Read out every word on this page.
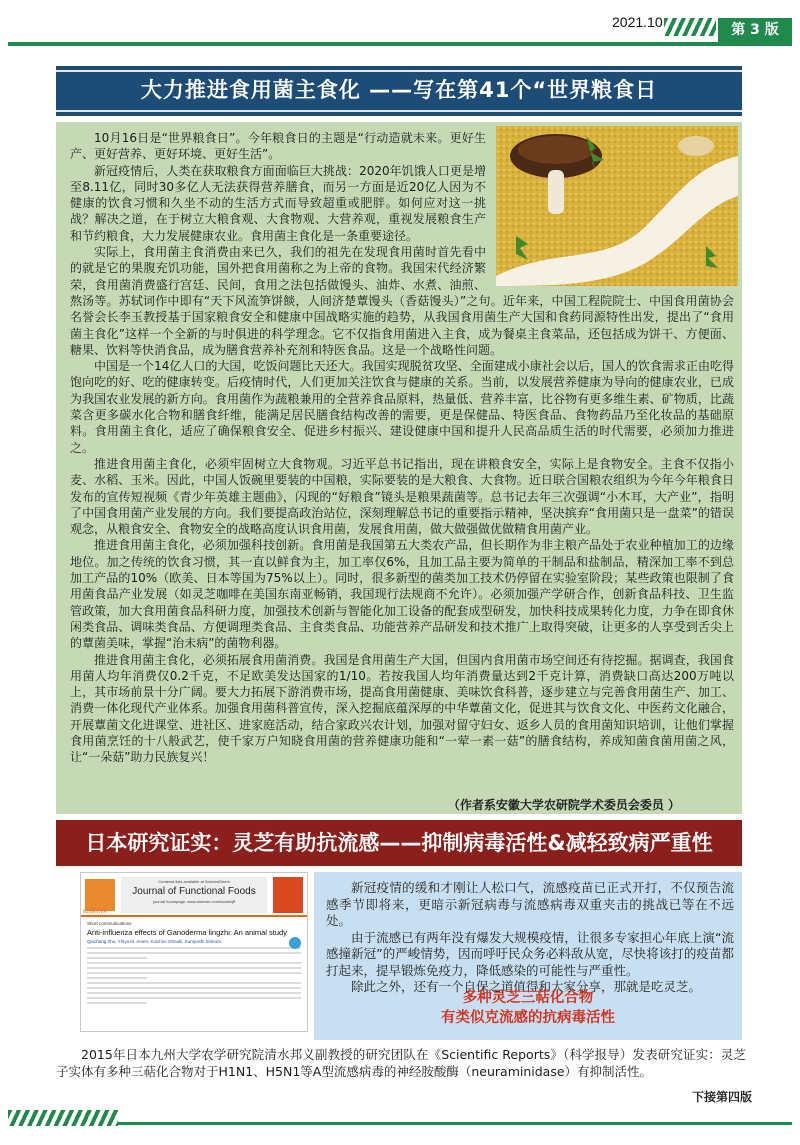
2021.10	第 3 版
大力推进食用菌主食化 ——写在第41个“世界粮食日

10月16日是“世界粮食日”。今年粮食日的主题是“行动造就未来。更好生产、更好营养、更好环境、更好生活”。

新冠疫情后，人类在获取粮食方面面临巨大挑战：2020年饥饿人口更是增至8.11亿，同时30多亿人无法获得营养膳食，而另一方面是近20亿人因为不健康的饮食习惯和久坐不动的生活方式而导致超重或肥胖。如何应对这一挑战？解决之道，在于树立大粮食观、大食物观、大营养观，重视发展粮食生产和节约粮食，大力发展健康农业。食用菌主食化是一条重要途径。

实际上，食用菌主食消费由来已久，我们的祖先在发现食用菌时首先看中的就是它的果腹充饥功能，国外把食用菌称之为上帝的食物。我国宋代经济繁荣，食用菌消费盛行宫廷、民间，食用之法包括做馒头、油炸、水煮、油煎、熬汤等。苏轼词作中即有“天下风流笋饼餤，人间济楚蕈馒头（香菇馒头）”之句。近年来，中国工程院院士、中国食用菌协会名誉会长李玉教授基于国家粮食安全和健康中国战略实施的趋势，从我国食用菌生产大国和食药同源特性出发，提出了“食用菌主食化”这样一个全新的与时俱进的科学理念。它不仅指食用菌进入主食，成为餐桌主食菜品，还包括成为饼干、方便面、糖果、饮料等快消食品，成为膳食营养补充剂和特医食品。这是一个战略性问题。

中国是一个14亿人口的大国，吃饭问题比天还大。我国实现脱贫攻坚、全面建成小康社会以后，国人的饮食需求正由吃得饱向吃的好、吃的健康转变。后疫情时代，人们更加关注饮食与健康的关系。当前，以发展营养健康为导向的健康农业，已成为我国农业发展的新方向。食用菌作为蔬粮兼用的全营养食品原料，热量低、营养丰富，比谷物有更多维生素、矿物质，比蔬菜含更多碳水化合物和膳食纤维，能满足居民膳食结构改善的需要，更是保健品、特医食品、食物药品乃至化妆品的基础原料。食用菌主食化，适应了确保粮食安全、促进乡村振兴、建设健康中国和提升人民高品质生活的时代需要，必须加力推进之。

推进食用菌主食化，必须牢固树立大食物观。习近平总书记指出，现在讲粮食安全，实际上是食物安全。主食不仅指小麦、水稻、玉米。因此，中国人饭碗里要装的中国粮，实际要装的是大粮食、大食物。近日联合国粮农组织为今年今年粮食日发布的宣传短视频《青少年英雄主题曲》，闪现的“好粮食”镜头是粮果蔬菌等。总书记去年三次强调“小木耳，大产业”，指明了中国食用菌产业发展的方向。我们要提高政治站位，深刻理解总书记的重要指示精神，坚决摈弃“食用菌只是一盘菜”的错误观念，从粮食安全、食物安全的战略高度认识食用菌，发展食用菌，做大做强做优做精食用菌产业。

推进食用菌主食化，必须加强科技创新。食用菌是我国第五大类农产品，但长期作为非主粮产品处于农业种植加工的边缘地位。加之传统的饮食习惯，其一直以鲜食为主，加工率仅6%，且加工品主要为简单的干制品和盐制品，精深加工率不到总加工产品的10%（欧美、日本等国为75%以上）。同时，很多新型的菌类加工技术仍停留在实验室阶段；某些政策也限制了食用菌食品产业发展（如灵芝咖啡在美国东南亚畅销，我国现行法规商不允许）。必须加强产学研合作，创新食品科技、卫生监管政策，加大食用菌食品科研力度，加强技术创新与智能化加工设备的配套成型研发，加快科技成果转化力度，力争在即食休闲类食品、调味类食品、方便调理类食品、主食类食品、功能营养产品研发和技术推广上取得突破，让更多的人享受到舌尖上的蕈菌美味，掌握“治未病”的菌物利器。

推进食用菌主食化，必须拓展食用菌消费。我国是食用菌生产大国，但国内食用菌市场空间还有待挖掘。据调查，我国食用菌人均年消费仅0.2千克，不足欧美发达国家的1/10。若按我国人均年消费量达到2千克计算，消费缺口高达200万吨以上，其市场前景十分广阔。要大力拓展下游消费市场，提高食用菌健康、美味饮食科普，逐步建立与完善食用菌生产、加工、消费一体化现代产业体系。加强食用菌科普宣传，深入挖掘底蕴深厚的中华蕈菌文化，促进其与饮食文化、中医药文化融合，开展蕈菌文化进课堂、进社区、进家庭活动，结合家政兴农计划，加强对留守妇女、返乡人员的食用菌知识培训，让他们掌握食用菌烹饪的十八般武艺，使千家万户知晓食用菌的营养健康功能和“一荤一素一菇”的膳食结构，养成知菌食菌用菌之风，让“一朵菇”助力民族复兴！

（作者系安徽大学农研院学术委员会委员 ）
日本研究证实：灵芝有助抗流感——抑制病毒活性&减轻致病严重性
ELSEVIER
Contents lists available at ScienceDirect
Journal of Functional Foods
journal homepage: www.elsevier.com/locate/jff
Short communications
Anti-influenza effects of Ganoderma lingzhi: An animal study
Qinchang Zhu, Yhiya M. Amen, Koichiro Ohnuki, Kuniyoshi Shimizu

新冠疫情的缓和才刚让人松口气，流感疫苗已正式开打，不仅预告流感季节即将来，更暗示新冠病毒与流感病毒双重夹击的挑战已等在不远处。

由于流感已有两年没有爆发大规模疫情，让很多专家担心年底上演“流感撞新冠”的严峻情势，因而呼吁民众务必料敌从宽，尽快将该打的疫苗都打起来，提早锻炼免疫力，降低感染的可能性与严重性。

除此之外，还有一个自保之道值得和大家分享，那就是吃灵芝。

多种灵芝三萜化合物
有类似克流感的抗病毒活性
2015年日本九州大学农学研究院清水邦义副教授的研究团队在《Scientific Reports》（科学报导）发表研究证实：灵芝子实体有多种三萜化合物对于H1N1、H5N1等A型流感病毒的神经胺酸酶（neuraminidase）有抑制活性。
下接第四版
